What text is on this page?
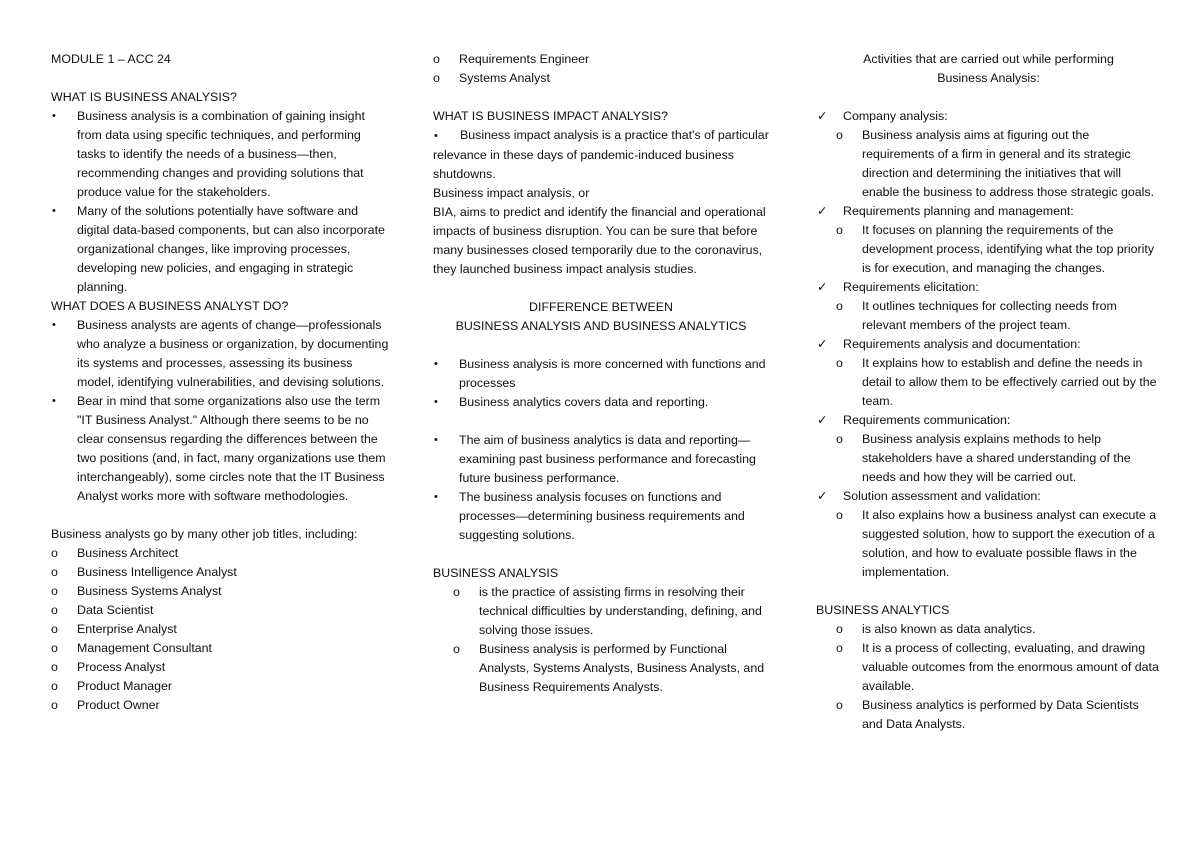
MODULE 1 – ACC 24

WHAT IS BUSINESS ANALYSIS?

• Business analysis is a combination of gaining insight from data using specific techniques, and performing tasks to identify the needs of a business—then, recommending changes and providing solutions that produce value for the stakeholders.
• Many of the solutions potentially have software and digital data-based components, but can also incorporate organizational changes, like improving processes, developing new policies, and engaging in strategic planning.

WHAT DOES A BUSINESS ANALYST DO?

• Business analysts are agents of change—professionals who analyze a business or organization, by documenting its systems and processes, assessing its business model, identifying vulnerabilities, and devising solutions.
• Bear in mind that some organizations also use the term "IT Business Analyst." Although there seems to be no clear consensus regarding the differences between the two positions (and, in fact, many organizations use them interchangeably), some circles note that the IT Business Analyst works more with software methodologies.

Business analysts go by many other job titles, including:

o Business Architect
o Business Intelligence Analyst
o Business Systems Analyst
o Data Scientist
o Enterprise Analyst
o Management Consultant
o Process Analyst
o Product Manager
o Product Owner
o Requirements Engineer
o Systems Analyst

WHAT IS BUSINESS IMPACT ANALYSIS?

• Business impact analysis is a practice that's of particular relevance in these days of pandemic-induced business shutdowns.

Business impact analysis, or

BIA, aims to predict and identify the financial and operational impacts of business disruption. You can be sure that before many businesses closed temporarily due to the coronavirus, they launched business impact analysis studies.

DIFFERENCE BETWEEN

BUSINESS ANALYSIS AND BUSINESS ANALYTICS

• Business analysis is more concerned with functions and processes
• Business analytics covers data and reporting.
• The aim of business analytics is data and reporting—examining past business performance and forecasting future business performance.
• The business analysis focuses on functions and processes—determining business requirements and suggesting solutions.

BUSINESS ANALYSIS

o is the practice of assisting firms in resolving their technical difficulties by understanding, defining, and solving those issues.
o Business analysis is performed by Functional Analysts, Systems Analysts, Business Analysts, and Business Requirements Analysts.

Activities that are carried out while performing

Business Analysis:

✓ Company analysis:
o Business analysis aims at figuring out the requirements of a firm in general and its strategic direction and determining the initiatives that will enable the business to address those strategic goals.
✓ Requirements planning and management:
o It focuses on planning the requirements of the development process, identifying what the top priority is for execution, and managing the changes.
✓ Requirements elicitation:
o It outlines techniques for collecting needs from relevant members of the project team.
✓ Requirements analysis and documentation:
o It explains how to establish and define the needs in detail to allow them to be effectively carried out by the team.
✓ Requirements communication:
o Business analysis explains methods to help stakeholders have a shared understanding of the needs and how they will be carried out.
✓ Solution assessment and validation:
o It also explains how a business analyst can execute a suggested solution, how to support the execution of a solution, and how to evaluate possible flaws in the implementation.

BUSINESS ANALYTICS

o is also known as data analytics.
o It is a process of collecting, evaluating, and drawing valuable outcomes from the enormous amount of data available.
o Business analytics is performed by Data Scientists and Data Analysts.
